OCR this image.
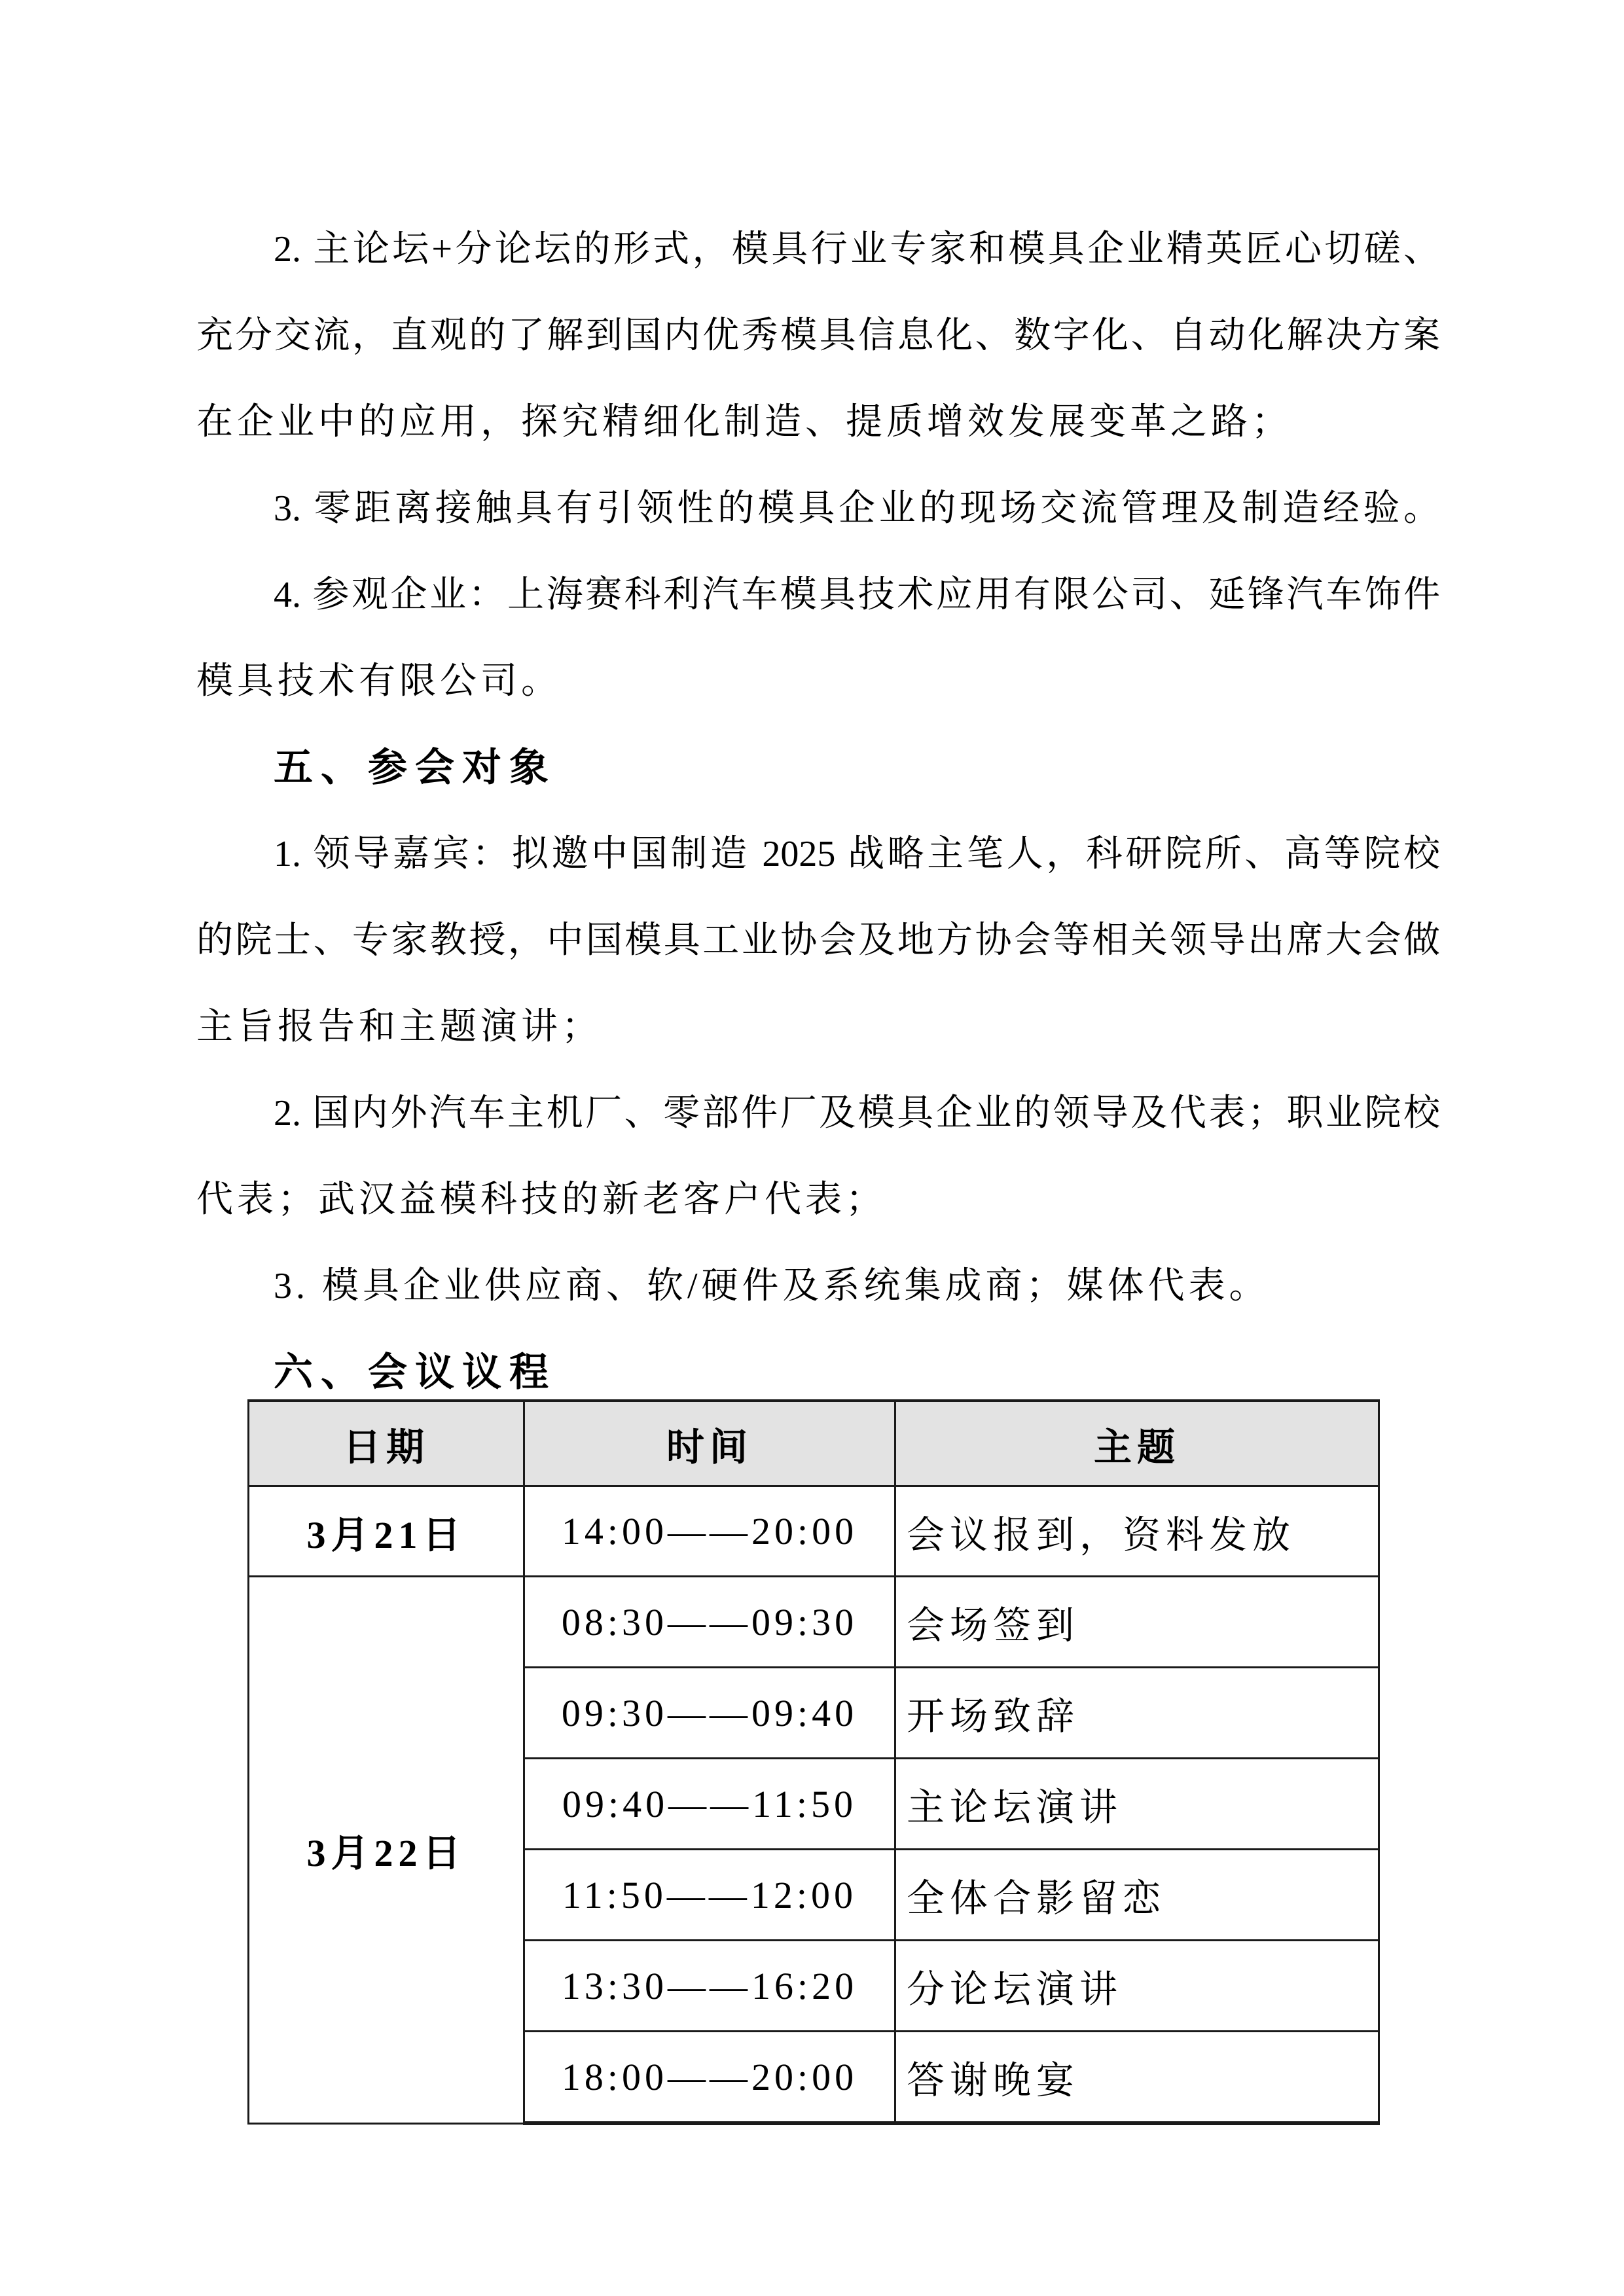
2. 主论坛+分论坛的形式，模具行业专家和模具企业精英匠心切磋、
充分交流，直观的了解到国内优秀模具信息化、数字化、自动化解决方案
在企业中的应用，探究精细化制造、提质增效发展变革之路；
3. 零距离接触具有引领性的模具企业的现场交流管理及制造经验。
4. 参观企业：上海赛科利汽车模具技术应用有限公司、延锋汽车饰件
模具技术有限公司。
五、参会对象
1. 领导嘉宾：拟邀中国制造 2025 战略主笔人，科研院所、高等院校
的院士、专家教授，中国模具工业协会及地方协会等相关领导出席大会做
主旨报告和主题演讲；
2. 国内外汽车主机厂、零部件厂及模具企业的领导及代表；职业院校
代表；武汉益模科技的新老客户代表；
3. 模具企业供应商、软/硬件及系统集成商；媒体代表。
六、会议议程
日期	时间	主题
3月21日	14:00——20:00	会议报到，资料发放
3月22日	08:30——09:30	会场签到
	09:30——09:40	开场致辞
	09:40——11:50	主论坛演讲
	11:50——12:00	全体合影留恋
	13:30——16:20	分论坛演讲
	18:00——20:00	答谢晚宴
